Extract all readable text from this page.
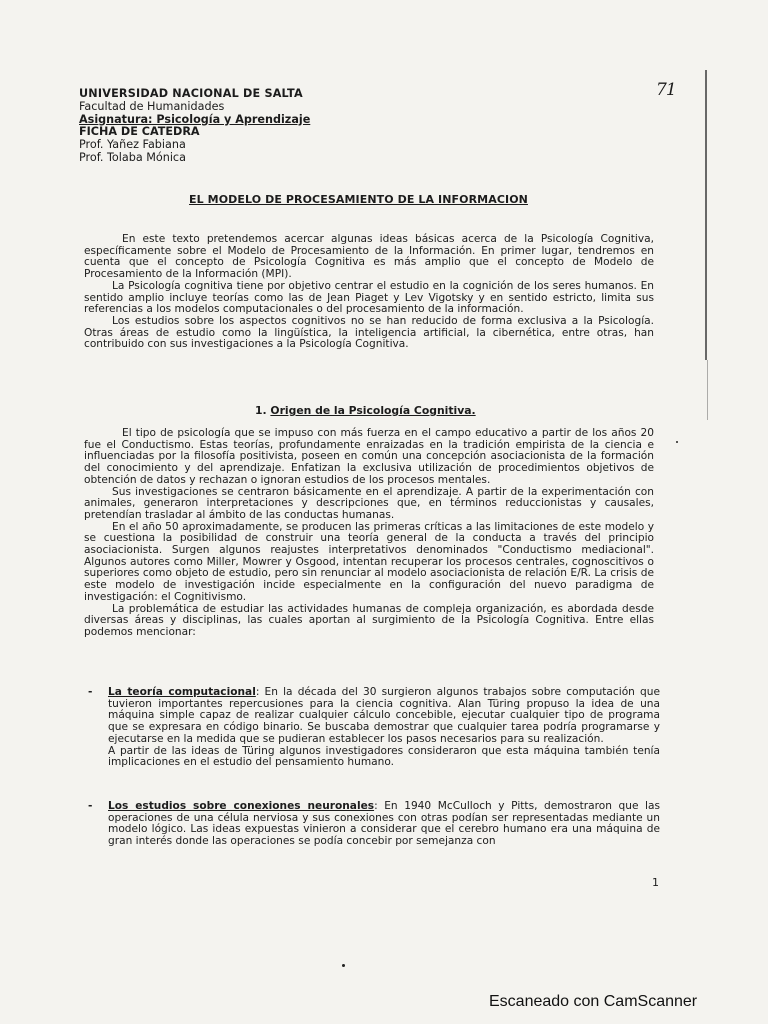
71
UNIVERSIDAD NACIONAL DE SALTA
Facultad de Humanidades
Asignatura: Psicología y Aprendizaje
FICHA DE CATEDRA
Prof. Yañez Fabiana
Prof. Tolaba Mónica
EL MODELO DE PROCESAMIENTO DE LA INFORMACION

En este texto pretendemos acercar algunas ideas básicas acerca de la Psicología Cognitiva, específicamente sobre el Modelo de Procesamiento de la Información. En primer lugar, tendremos en cuenta que el concepto de Psicología Cognitiva es más amplio que el concepto de Modelo de Procesamiento de la Información (MPI).

La Psicología cognitiva tiene por objetivo centrar el estudio en la cognición de los seres humanos. En sentido amplio incluye teorías como las de Jean Piaget y Lev Vigotsky y en sentido estricto, limita sus referencias a los modelos computacionales o del procesamiento de la información.

Los estudios sobre los aspectos cognitivos no se han reducido de forma exclusiva a la Psicología. Otras áreas de estudio como la lingüística, la inteligencia artificial, la cibernética, entre otras, han contribuido con sus investigaciones a la Psicología Cognitiva.

1. Origen de la Psicología Cognitiva.

El tipo de psicología que se impuso con más fuerza en el campo educativo a partir de los años 20 fue el Conductismo. Estas teorías, profundamente enraizadas en la tradición empirista de la ciencia e influenciadas por la filosofía positivista, poseen en común una concepción asociacionista de la formación del conocimiento y del aprendizaje. Enfatizan la exclusiva utilización de procedimientos objetivos de obtención de datos y rechazan o ignoran estudios de los procesos mentales.

Sus investigaciones se centraron básicamente en el aprendizaje. A partir de la experimentación con animales, generaron interpretaciones y descripciones que, en términos reduccionistas y causales, pretendían trasladar al ámbito de las conductas humanas.

En el año 50 aproximadamente, se producen las primeras críticas a las limitaciones de este modelo y se cuestiona la posibilidad de construir una teoría general de la conducta a través del principio asociacionista. Surgen algunos reajustes interpretativos denominados "Conductismo mediacional". Algunos autores como Miller, Mowrer y Osgood, intentan recuperar los procesos centrales, cognoscitivos o superiores como objeto de estudio, pero sin renunciar al modelo asociacionista de relación E/R. La crisis de este modelo de investigación incide especialmente en la configuración del nuevo paradigma de investigación: el Cognitivismo.

La problemática de estudiar las actividades humanas de compleja organización, es abordada desde diversas áreas y disciplinas, las cuales aportan al surgimiento de la Psicología Cognitiva. Entre ellas podemos mencionar:

- La teoría computacional: En la década del 30 surgieron algunos trabajos sobre computación que tuvieron importantes repercusiones para la ciencia cognitiva. Alan Türing propuso la idea de una máquina simple capaz de realizar cualquier cálculo concebible, ejecutar cualquier tipo de programa que se expresara en código binario. Se buscaba demostrar que cualquier tarea podría programarse y ejecutarse en la medida que se pudieran establecer los pasos necesarios para su realización.

A partir de las ideas de Türing algunos investigadores consideraron que esta máquina también tenía implicaciones en el estudio del pensamiento humano.

- Los estudios sobre conexiones neuronales: En 1940 McCulloch y Pitts, demostraron que las operaciones de una célula nerviosa y sus conexiones con otras podían ser representadas mediante un modelo lógico. Las ideas expuestas vinieron a considerar que el cerebro humano era una máquina de gran interés donde las operaciones se podía concebir por semejanza con

1
Escaneado con CamScanner
